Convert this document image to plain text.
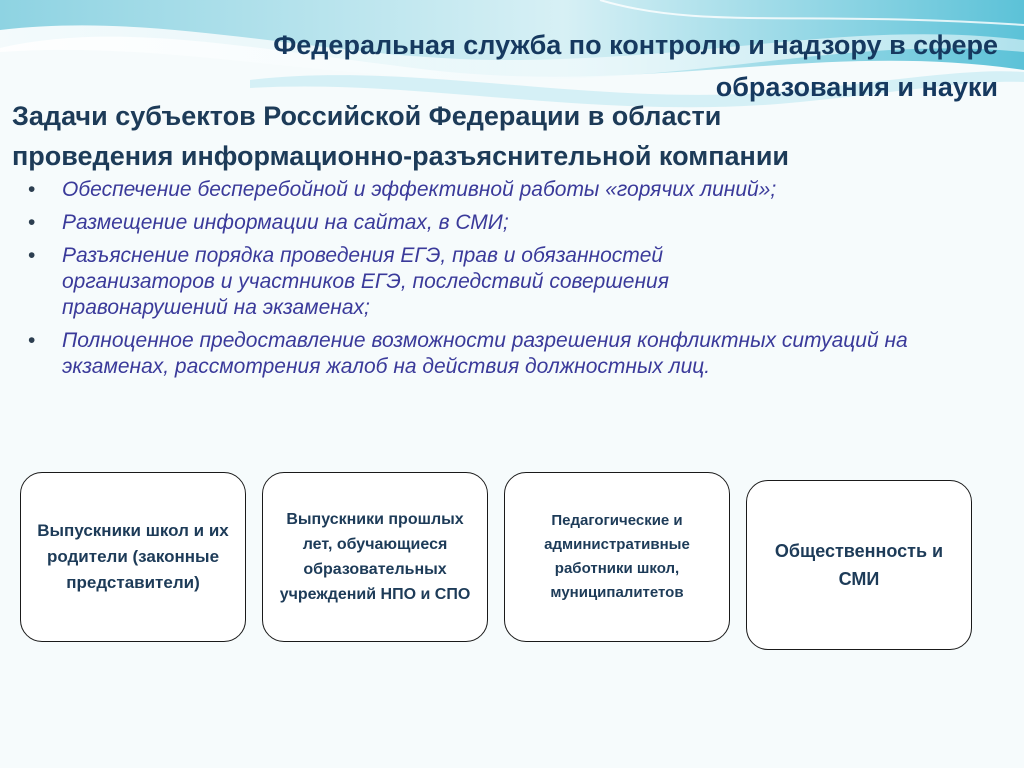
Федеральная служба по контролю и надзору в сфере
образования и науки
Задачи субъектов Российской Федерации в области
проведения информационно-разъяснительной компании
• Обеспечение бесперебойной и эффективной работы «горячих линий»;
• Размещение информации на сайтах, в СМИ;
• Разъяснение порядка проведения ЕГЭ, прав и обязанностей организаторов и участников ЕГЭ, последствий совершения правонарушений на экзаменах;
• Полноценное предоставление возможности разрешения конфликтных ситуаций на экзаменах, рассмотрения жалоб на действия должностных лиц.
Выпускники школ и их родители (законные представители)
Выпускники прошлых лет, обучающиеся образовательных учреждений НПО и СПО
Педагогические и административные работники школ, муниципалитетов
Общественность и СМИ
